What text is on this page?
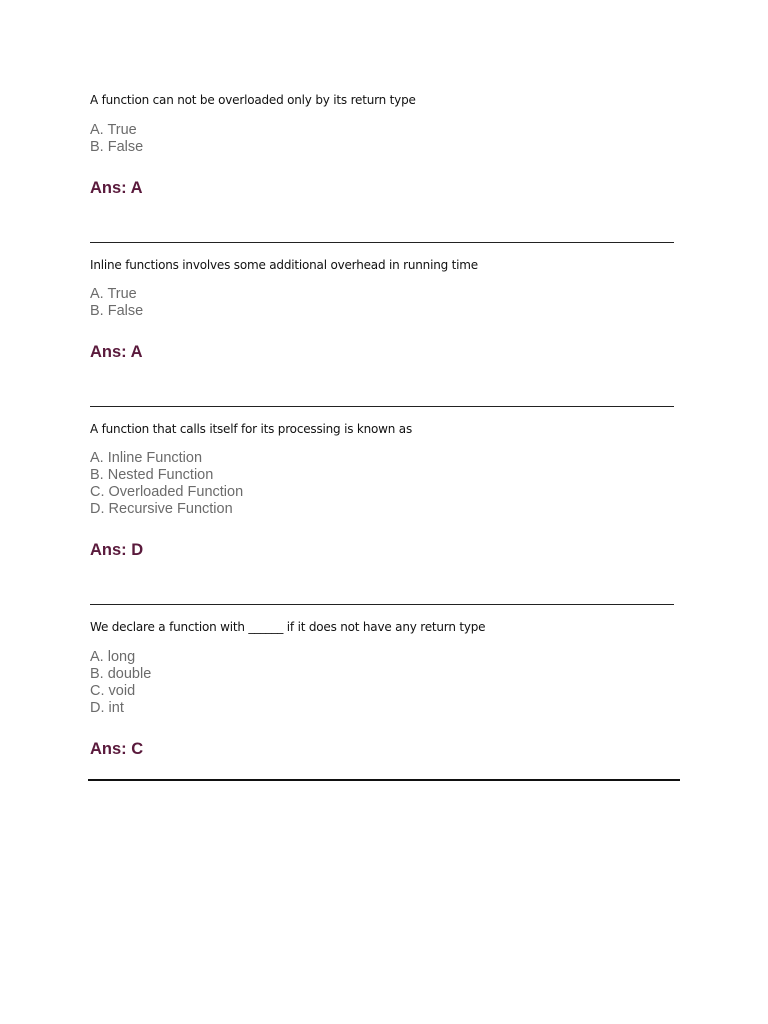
A function can not be overloaded only by its return type
A. True
B. False
Ans: A
Inline functions involves some additional overhead in running time
A. True
B. False
Ans: A
A function that calls itself for its processing is known as
A. Inline Function
B. Nested Function
C. Overloaded Function
D. Recursive Function
Ans: D
We declare a function with ______ if it does not have any return type
A. long
B. double
C. void
D. int
Ans: C
